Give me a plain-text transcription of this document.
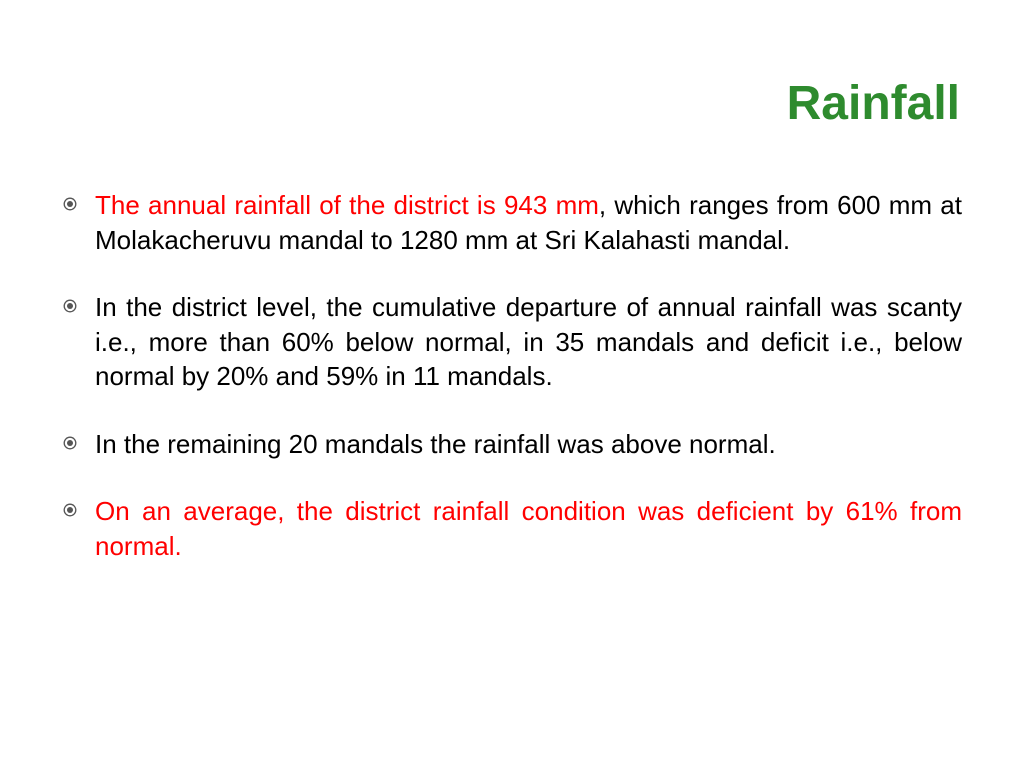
Rainfall
The annual rainfall of the district is 943 mm, which ranges from 600 mm at Molakacheruvu mandal to 1280 mm at Sri Kalahasti mandal.
In the district level, the cumulative departure of annual rainfall was scanty i.e., more than 60% below normal, in 35 mandals and deficit i.e., below normal by 20% and 59% in 11 mandals.
In the remaining 20 mandals the rainfall was above normal.
On an average, the district rainfall condition was deficient by 61% from normal.
